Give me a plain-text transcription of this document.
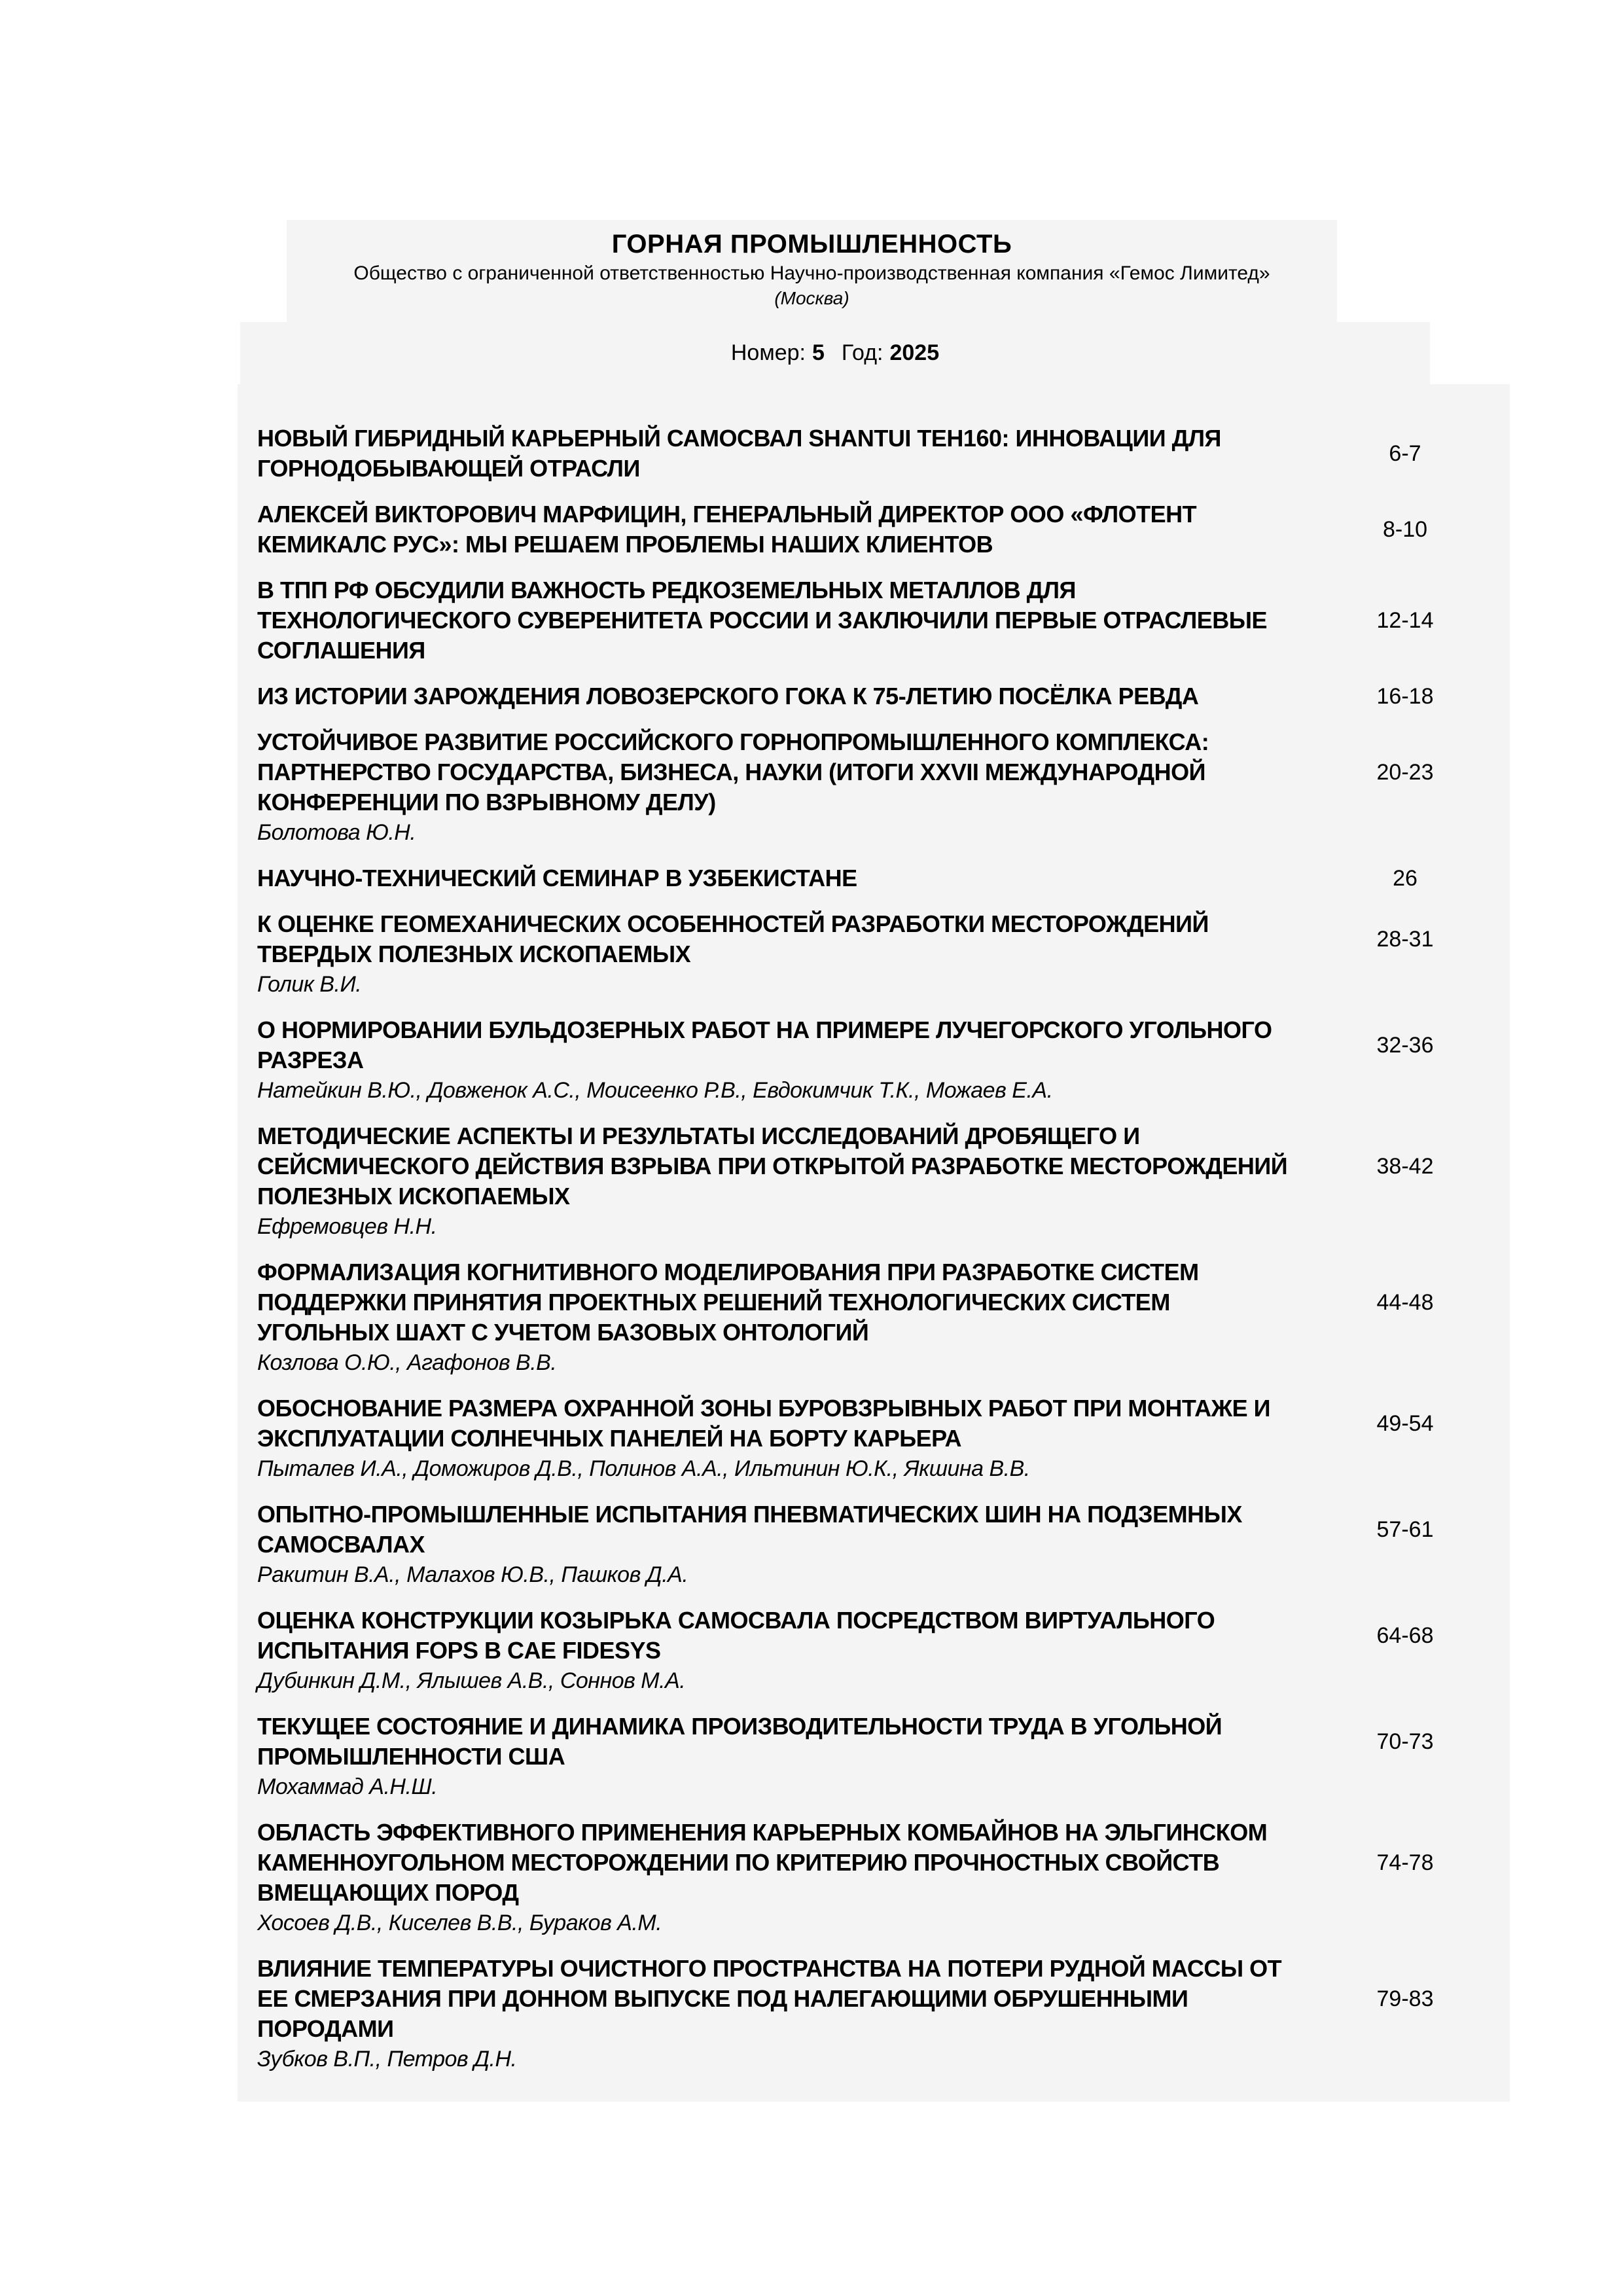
ГОРНАЯ ПРОМЫШЛЕННОСТЬ
Общество с ограниченной ответственностью Научно-производственная компания «Гемос Лимитед»
(Москва)
Номер: 5 Год: 2025
НОВЫЙ ГИБРИДНЫЙ КАРЬЕРНЫЙ САМОСВАЛ SHANTUI TEH160: ИННОВАЦИИ ДЛЯ ГОРНОДОБЫВАЮЩЕЙ ОТРАСЛИ
6-7
АЛЕКСЕЙ ВИКТОРОВИЧ МАРФИЦИН, ГЕНЕРАЛЬНЫЙ ДИРЕКТОР ООО «ФЛОТЕНТ КЕМИКАЛС РУС»: МЫ РЕШАЕМ ПРОБЛЕМЫ НАШИХ КЛИЕНТОВ
8-10
В ТПП РФ ОБСУДИЛИ ВАЖНОСТЬ РЕДКОЗЕМЕЛЬНЫХ МЕТАЛЛОВ ДЛЯ ТЕХНОЛОГИЧЕСКОГО СУВЕРЕНИТЕТА РОССИИ И ЗАКЛЮЧИЛИ ПЕРВЫЕ ОТРАСЛЕВЫЕ СОГЛАШЕНИЯ
12-14
ИЗ ИСТОРИИ ЗАРОЖДЕНИЯ ЛОВОЗЕРСКОГО ГОКА К 75-ЛЕТИЮ ПОСЁЛКА РЕВДА	16-18
УСТОЙЧИВОЕ РАЗВИТИЕ РОССИЙСКОГО ГОРНОПРОМЫШЛЕННОГО КОМПЛЕКСА: ПАРТНЕРСТВО ГОСУДАРСТВА, БИЗНЕСА, НАУКИ (ИТОГИ XXVII МЕЖДУНАРОДНОЙ КОНФЕРЕНЦИИ ПО ВЗРЫВНОМУ ДЕЛУ)
20-23
Болотова Ю.Н.
НАУЧНО-ТЕХНИЧЕСКИЙ СЕМИНАР В УЗБЕКИСТАНЕ	26
К ОЦЕНКЕ ГЕОМЕХАНИЧЕСКИХ ОСОБЕННОСТЕЙ РАЗРАБОТКИ МЕСТОРОЖДЕНИЙ ТВЕРДЫХ ПОЛЕЗНЫХ ИСКОПАЕМЫХ
28-31
Голик В.И.
О НОРМИРОВАНИИ БУЛЬДОЗЕРНЫХ РАБОТ НА ПРИМЕРЕ ЛУЧЕГОРСКОГО УГОЛЬНОГО РАЗРЕЗА
32-36
Натейкин В.Ю., Довженок А.С., Моисеенко Р.В., Евдокимчик Т.К., Можаев Е.А.
МЕТОДИЧЕСКИЕ АСПЕКТЫ И РЕЗУЛЬТАТЫ ИССЛЕДОВАНИЙ ДРОБЯЩЕГО И СЕЙСМИЧЕСКОГО ДЕЙСТВИЯ ВЗРЫВА ПРИ ОТКРЫТОЙ РАЗРАБОТКЕ МЕСТОРОЖДЕНИЙ ПОЛЕЗНЫХ ИСКОПАЕМЫХ
38-42
Ефремовцев Н.Н.
ФОРМАЛИЗАЦИЯ КОГНИТИВНОГО МОДЕЛИРОВАНИЯ ПРИ РАЗРАБОТКЕ СИСТЕМ ПОДДЕРЖКИ ПРИНЯТИЯ ПРОЕКТНЫХ РЕШЕНИЙ ТЕХНОЛОГИЧЕСКИХ СИСТЕМ УГОЛЬНЫХ ШАХТ С УЧЕТОМ БАЗОВЫХ ОНТОЛОГИЙ
44-48
Козлова О.Ю., Агафонов В.В.
ОБОСНОВАНИЕ РАЗМЕРА ОХРАННОЙ ЗОНЫ БУРОВЗРЫВНЫХ РАБОТ ПРИ МОНТАЖЕ И ЭКСПЛУАТАЦИИ СОЛНЕЧНЫХ ПАНЕЛЕЙ НА БОРТУ КАРЬЕРА
49-54
Пыталев И.А., Доможиров Д.В., Полинов А.А., Ильтинин Ю.К., Якшина В.В.
ОПЫТНО-ПРОМЫШЛЕННЫЕ ИСПЫТАНИЯ ПНЕВМАТИЧЕСКИХ ШИН НА ПОДЗЕМНЫХ САМОСВАЛАХ
57-61
Ракитин В.А., Малахов Ю.В., Пашков Д.А.
ОЦЕНКА КОНСТРУКЦИИ КОЗЫРЬКА САМОСВАЛА ПОСРЕДСТВОМ ВИРТУАЛЬНОГО ИСПЫТАНИЯ FOPS В CAE FIDESYS
64-68
Дубинкин Д.М., Ялышев А.В., Соннов М.А.
ТЕКУЩЕЕ СОСТОЯНИЕ И ДИНАМИКА ПРОИЗВОДИТЕЛЬНОСТИ ТРУДА В УГОЛЬНОЙ ПРОМЫШЛЕННОСТИ США
70-73
Мохаммад А.Н.Ш.
ОБЛАСТЬ ЭФФЕКТИВНОГО ПРИМЕНЕНИЯ КАРЬЕРНЫХ КОМБАЙНОВ НА ЭЛЬГИНСКОМ КАМЕННОУГОЛЬНОМ МЕСТОРОЖДЕНИИ ПО КРИТЕРИЮ ПРОЧНОСТНЫХ СВОЙСТВ ВМЕЩАЮЩИХ ПОРОД
74-78
Хосоев Д.В., Киселев В.В., Бураков А.М.
ВЛИЯНИЕ ТЕМПЕРАТУРЫ ОЧИСТНОГО ПРОСТРАНСТВА НА ПОТЕРИ РУДНОЙ МАССЫ ОТ ЕЕ СМЕРЗАНИЯ ПРИ ДОННОМ ВЫПУСКЕ ПОД НАЛЕГАЮЩИМИ ОБРУШЕННЫМИ ПОРОДАМИ
79-83
Зубков В.П., Петров Д.Н.
